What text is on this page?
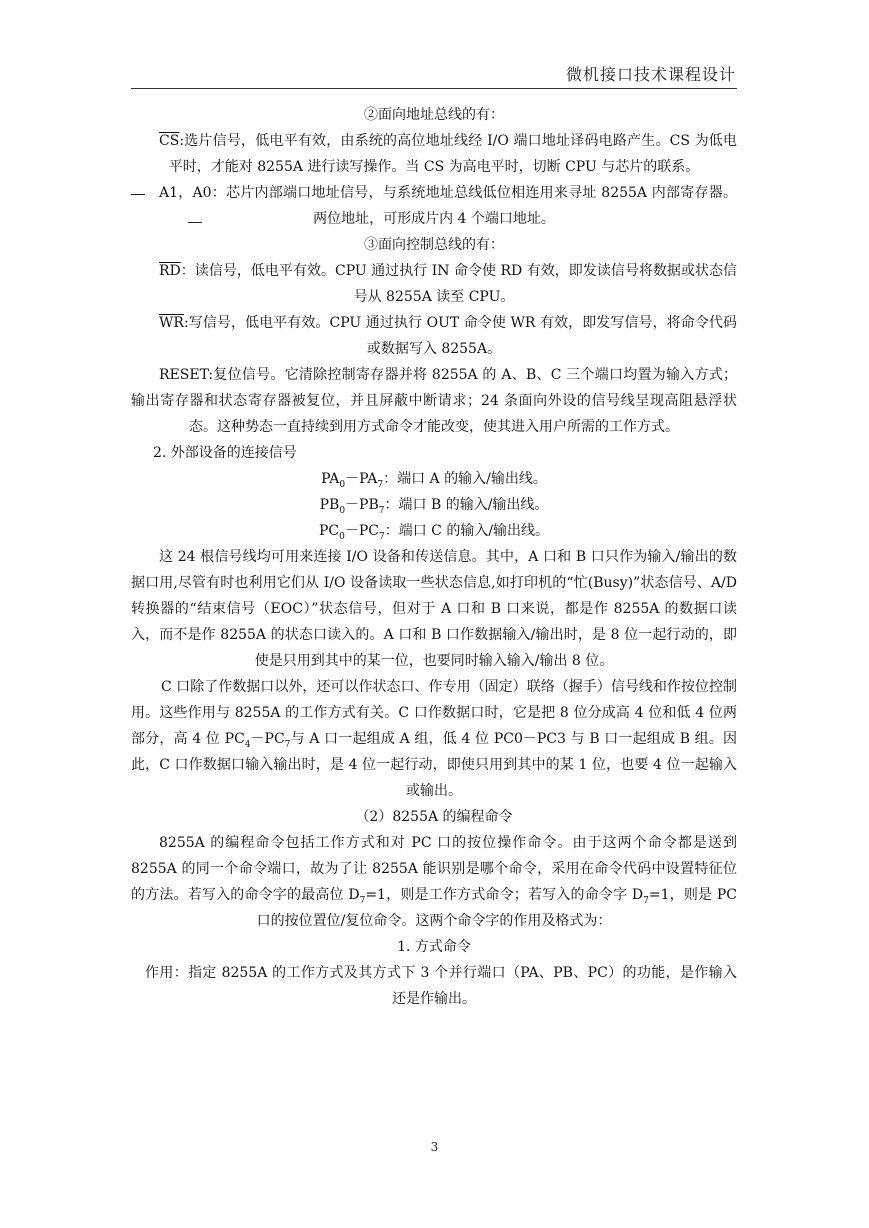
微机接口技术课程设计

②面向地址总线的有：

$\overline{CS}$:选片信号，低电平有效，由系统的高位地址线经 I/O 端口地址译码电路产生。CS 为低电平时，才能对 8255A 进行读写操作。当 CS 为高电平时，切断 CPU 与芯片的联系。

A1，A0：芯片内部端口地址信号，与系统地址总线低位相连用来寻址 8255A 内部寄存器。两位地址，可形成片内 4 个端口地址。

③面向控制总线的有：

$\overline{RD}$：读信号，低电平有效。CPU 通过执行 IN 命令使 RD 有效，即发读信号将数据或状态信号从 8255A 读至 CPU。

$\overline{WR}$:写信号，低电平有效。CPU 通过执行 OUT 命令使 WR 有效，即发写信号，将命令代码或数据写入 8255A。

RESET:复位信号。它清除控制寄存器并将 8255A 的 A、B、C 三个端口均置为输入方式；输出寄存器和状态寄存器被复位，并且屏蔽中断请求；24 条面向外设的信号线呈现高阻悬浮状态。这种势态一直持续到用方式命令才能改变，使其进入用户所需的工作方式。

2. 外部设备的连接信号

$PA_0-PA_7$：端口 A 的输入/输出线。

$PB_0-PB_7$：端口 B 的输入/输出线。

$PC_0-PC_7$：端口 C 的输入/输出线。

这 24 根信号线均可用来连接 I/O 设备和传送信息。其中，A 口和 B 口只作为输入/输出的数据口用,尽管有时也利用它们从 I/O 设备读取一些状态信息,如打印机的“忙(Busy)”状态信号、A/D 转换器的“结束信号（EOC）”状态信号，但对于 A 口和 B 口来说，都是作 8255A 的数据口读入，而不是作 8255A 的状态口读入的。A 口和 B 口作数据输入/输出时，是 8 位一起行动的，即使是只用到其中的某一位，也要同时输入输入/输出 8 位。

C 口除了作数据口以外，还可以作状态口、作专用（固定）联络（握手）信号线和作按位控制用。这些作用与 8255A 的工作方式有关。C 口作数据口时，它是把 8 位分成高 4 位和低 4 位两部分，高 4 位 $PC_4-PC_7$与 A 口一起组成 A 组，低 4 位 PC0－PC3 与 B 口一起组成 B 组。因此，C 口作数据口输入输出时，是 4 位一起行动，即使只用到其中的某 1 位，也要 4 位一起输入或输出。

（2）8255A 的编程命令

8255A 的编程命令包括工作方式和对 PC 口的按位操作命令。由于这两个命令都是送到 8255A 的同一个命令端口，故为了让 8255A 能识别是哪个命令，采用在命令代码中设置特征位的方法。若写入的命令字的最高位 $D_7=1$，则是工作方式命令；若写入的命令字 $D_7=1$，则是 PC 口的按位置位/复位命令。这两个命令字的作用及格式为：

1. 方式命令

作用：指定 8255A 的工作方式及其方式下 3 个并行端口（PA、PB、PC）的功能，是作输入还是作输出。

3
